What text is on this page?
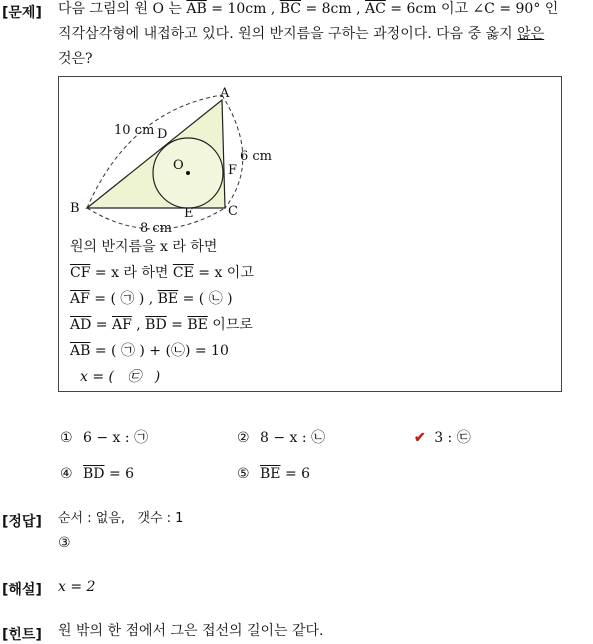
[문제] 다음 그림의 원 O 는 $\overline{AB} = 10cm$ , $\overline{BC} = 8cm$ , $\overline{AC} = 6cm$ 이고 ∠C = 90° 인
직각삼각형에 내접하고 있다. 원의 반지름을 구하는 과정이다. 다음 중 옳지 않은
것은?
A
B	C
D
E
F
O
10 cm
8 cm
6 cm
원의 반지름을 x 라 하면
$\overline{CF} = x$ 라 하면 $\overline{CE} = x$ 이고
$\overline{AF}$ = ( ㉠ ) , $\overline{BE}$ = ( ㉡ )
$\overline{AD} = \overline{AF}$ , $\overline{BD} = \overline{BE}$ 이므로
$\overline{AB}$ = ( ㉠ ) + (㉡) = 10
x = (   ㉢   )
① 6 − x : ㉠	② 8 − x : ㉡	✔ 3 : ㉢
④ $\overline{BD} = 6$	⑤ $\overline{BE} = 6$
[정답] 순서 : 없음,   갯수 : 1
③
[해설] x = 2
[힌트] 원 밖의 한 점에서 그은 접선의 길이는 같다.
